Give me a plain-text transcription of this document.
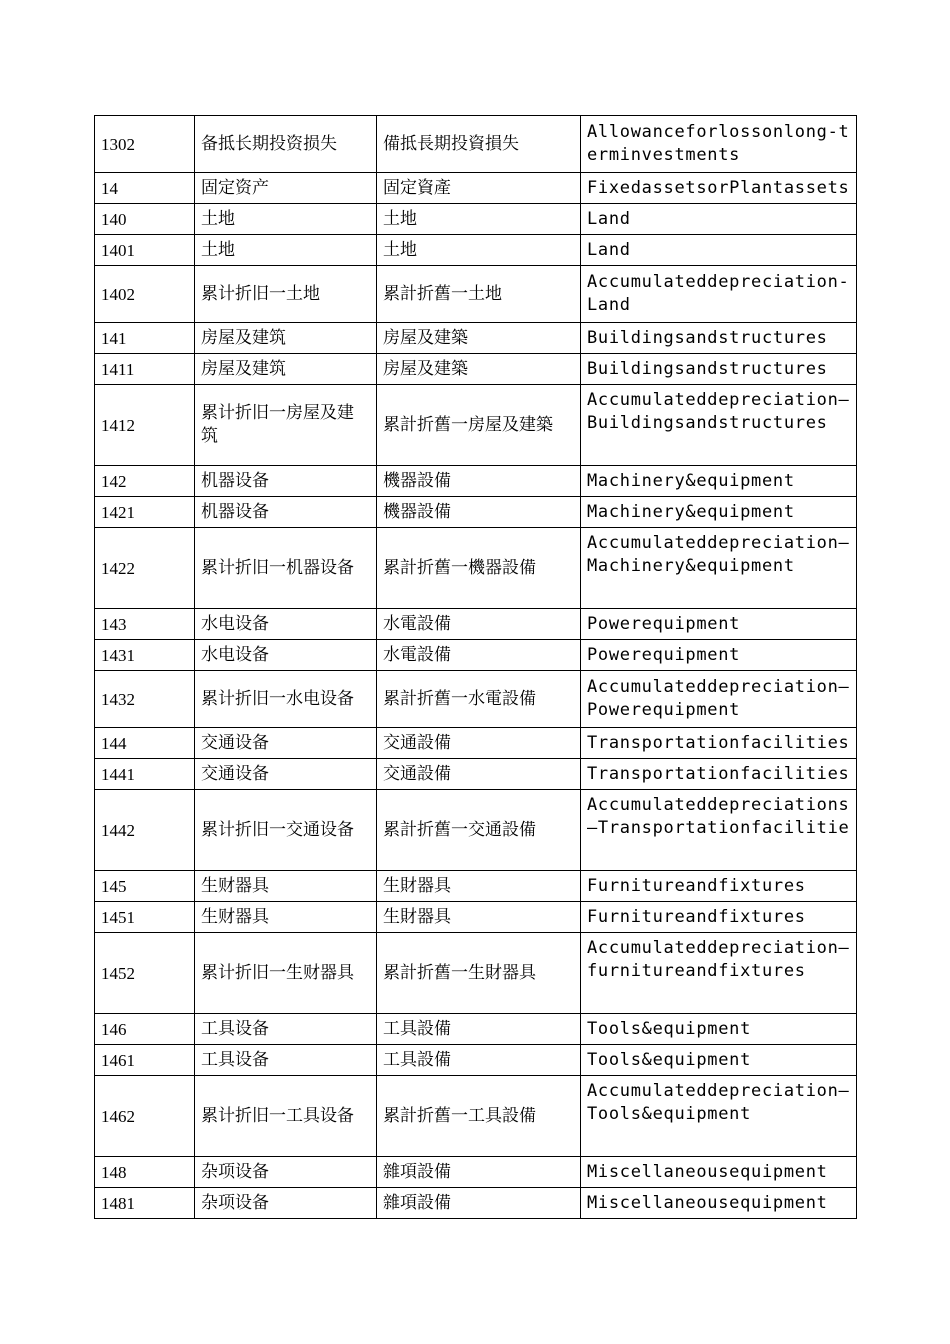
1302	备抵长期投资损失	備抵長期投資損失	Allowanceforlossonlong-terminvestments
14	固定资产	固定資產	FixedassetsorPlantassets
140	土地	土地	Land
1401	土地	土地	Land
1402	累计折旧一土地	累計折舊一土地	Accumulateddepreciation-Land
141	房屋及建筑	房屋及建築	Buildingsandstructures
1411	房屋及建筑	房屋及建築	Buildingsandstructures
1412	累计折旧一房屋及建筑	累計折舊一房屋及建築	Accumulateddepreciation—Buildingsandstructures
142	机器设备	機器設備	Machinery&equipment
1421	机器设备	機器設備	Machinery&equipment
1422	累计折旧一机器设备	累計折舊一機器設備	Accumulateddepreciation—Machinery&equipment
143	水电设备	水電設備	Powerequipment
1431	水电设备	水電設備	Powerequipment
1432	累计折旧一水电设备	累計折舊一水電設備	Accumulateddepreciation—Powerequipment
144	交通设备	交通設備	Transportationfacilities
1441	交通设备	交通設備	Transportationfacilities
1442	累计折旧一交通设备	累計折舊一交通設備	Accumulateddepreciations—Transportationfacilitie
145	生财器具	生財器具	Furnitureandfixtures
1451	生财器具	生財器具	Furnitureandfixtures
1452	累计折旧一生财器具	累計折舊一生財器具	Accumulateddepreciation—furnitureandfixtures
146	工具设备	工具設備	Tools&equipment
1461	工具设备	工具設備	Tools&equipment
1462	累计折旧一工具设备	累計折舊一工具設備	Accumulateddepreciation—Tools&equipment
148	杂项设备	雜項設備	Miscellaneousequipment
1481	杂项设备	雜項設備	Miscellaneousequipment
